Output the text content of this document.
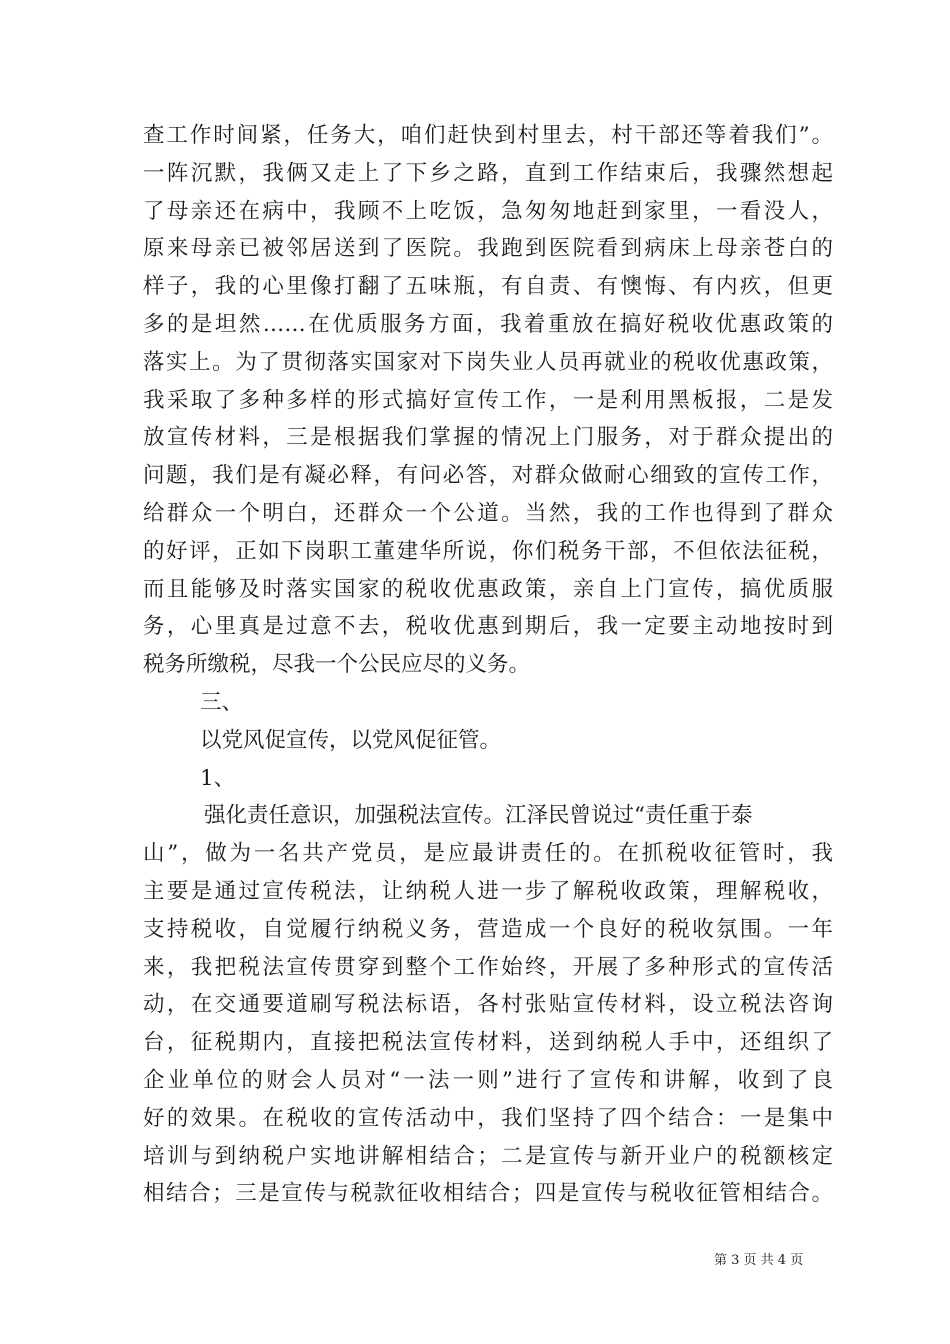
查工作时间紧，任务大，咱们赶快到村里去，村干部还等着我们”。
一阵沉默，我俩又走上了下乡之路，直到工作结束后，我骤然想起
了母亲还在病中，我顾不上吃饭，急匆匆地赶到家里，一看没人，
原来母亲已被邻居送到了医院。我跑到医院看到病床上母亲苍白的
样子，我的心里像打翻了五味瓶，有自责、有懊悔、有内疚，但更
多的是坦然……在优质服务方面，我着重放在搞好税收优惠政策的
落实上。为了贯彻落实国家对下岗失业人员再就业的税收优惠政策，
我采取了多种多样的形式搞好宣传工作，一是利用黑板报，二是发
放宣传材料，三是根据我们掌握的情况上门服务，对于群众提出的
问题，我们是有凝必释，有问必答，对群众做耐心细致的宣传工作，
给群众一个明白，还群众一个公道。当然，我的工作也得到了群众
的好评，正如下岗职工董建华所说，你们税务干部，不但依法征税，
而且能够及时落实国家的税收优惠政策，亲自上门宣传，搞优质服
务，心里真是过意不去，税收优惠到期后，我一定要主动地按时到
税务所缴税，尽我一个公民应尽的义务。
三、
以党风促宣传，以党风促征管。
1、
强化责任意识，加强税法宣传。江泽民曾说过“责任重于泰
山”，做为一名共产党员，是应最讲责任的。在抓税收征管时，我
主要是通过宣传税法，让纳税人进一步了解税收政策，理解税收，
支持税收，自觉履行纳税义务，营造成一个良好的税收氛围。一年
来，我把税法宣传贯穿到整个工作始终，开展了多种形式的宣传活
动，在交通要道刷写税法标语，各村张贴宣传材料，设立税法咨询
台，征税期内，直接把税法宣传材料，送到纳税人手中，还组织了
企业单位的财会人员对“一法一则”进行了宣传和讲解，收到了良
好的效果。在税收的宣传活动中，我们坚持了四个结合：一是集中
培训与到纳税户实地讲解相结合；二是宣传与新开业户的税额核定
相结合；三是宣传与税款征收相结合；四是宣传与税收征管相结合。
第 3 页 共 4 页
